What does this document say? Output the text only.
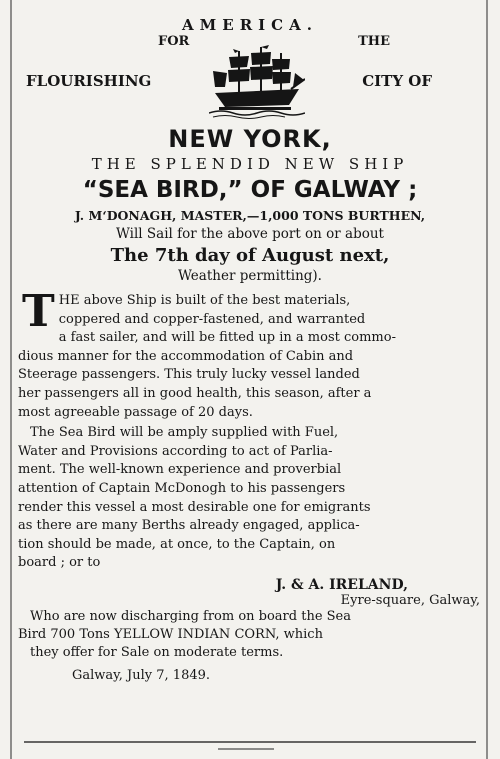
AMERICA.
FOR	THE
FLOURISHING	CITY OF
NEW YORK,
THE SPLENDID NEW SHIP
“SEA BIRD,” OF GALWAY ;
J. M‘DONAGH, MASTER,—1,000 TONS BURTHEN,
Will Sail for the above port on or about
The 7th day of August next,
Weather permitting).
T HE above Ship is built of the best materials,
coppered and copper-fastened, and warranted
a fast sailer, and will be fitted up in a most commo-
dious manner for the accommodation of Cabin and
Steerage passengers. This truly lucky vessel landed
her passengers all in good health, this season, after a
most agreeable passage of 20 days.
The Sea Bird will be amply supplied with Fuel,
Water and Provisions according to act of Parlia-
ment. The well-known experience and proverbial
attention of Captain McDonogh to his passengers
render this vessel a most desirable one for emigrants
as there are many Berths already engaged, applica-
tion should be made, at once, to the Captain, on
board ; or to
J. & A. IRELAND,
Eyre-square, Galway,
Who are now discharging from on board the Sea
Bird 700 Tons YELLOW INDIAN CORN, which
they offer for Sale on moderate terms.
Galway, July 7, 1849.
